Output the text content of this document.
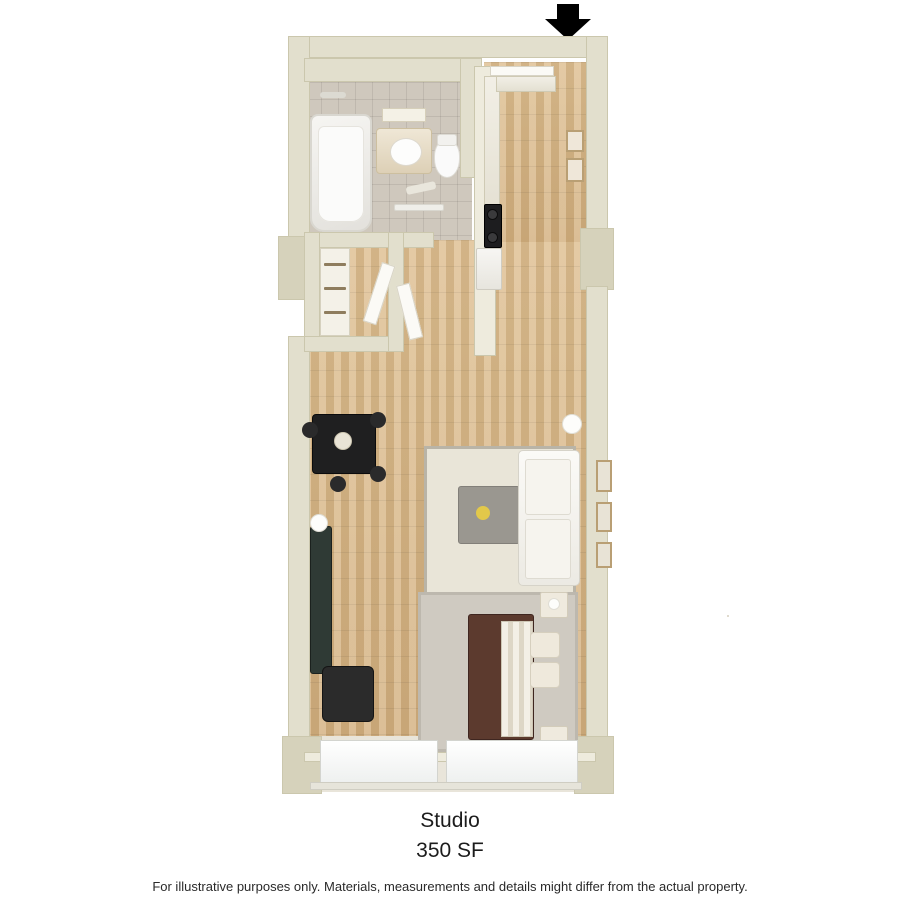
Studio
350 SF
For illustrative purposes only. Materials, measurements and details might differ from the actual property.
